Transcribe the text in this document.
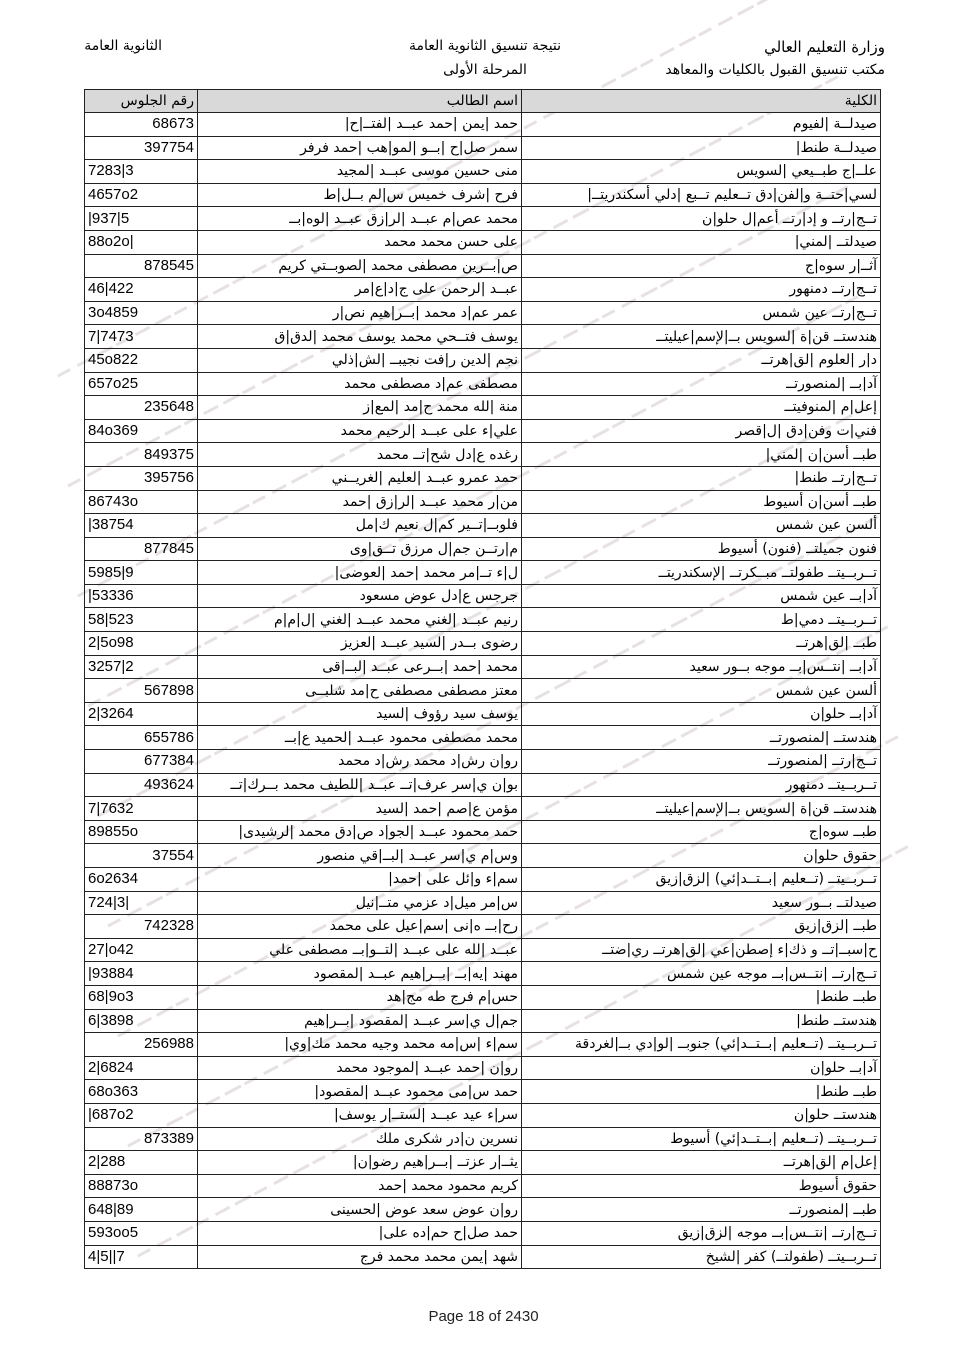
وزارة التعليم العالي
مكتب تنسيق القبول بالكليات والمعاهد
نتيجة تنسيق الثانوية العامة
المرحلة الأولى
الثانوية العامة
الكلية	اسم الطالب	رقم الجلوس
صيدلــة |لفيوم	حمد |يمن |حمد عبــد |لفتــ|ح|	68673
صيدلــة طنط|	سمر صل|ح |بــو |لمو|هب |حمد فرفر	397754
علــ|ج طبــيعي |لسويس	منى حسين موسى عبــد |لمجيد	7283|3
لسي|حتــة و|لفن|دق تــعليم تــبع |دلي أسكندريتــ|	فرح |شرف خميس س|لم بــل|ط	4657o2
تــج|رتــ و إد|رتــ أعم|ل حلو|ن	محمد عص|م عبــد |لر|زق عبــد |لوه|بــ	|937|5
صيدلتــ |لمني|	على حسن محمد محمد	88o2o|
آثــ|ر سوه|ج	ص|بــرين مصطفى محمد |لصوبــتي كريم	878545
تــج|رتــ دمنهور	عبــد |لرحمن على ج|د|ع|مر	46|422
تــج|رتــ عين شمس	عمر عم|د محمد |بــر|هيم نص|ر	3o4859
هندستــ قن|ة |لسويس بــ|لإسم|عيليتــ	يوسف فتــحي محمد يوسف محمد |لدق|ق	7|7473
د|ر |لعلوم |لق|هرتــ	نجم |لدين ر|فت نجيبــ |لش|ذلي	45o822
آد|بــ |لمنصورتــ	مصطفى عم|د مصطفى محمد	657o25
إعل|م |لمنوفيتــ	منة |لله محمد ح|مد |لمع|ز	235648
فني|ت وفن|دق |ل|قصر	علي|ء على عبــد |لرحيم محمد	84o369
طبــ أسن|ن |لمني|	رغده ع|دل شح|تــ محمد	849375
تــج|رتــ طنط|	حمد عمرو عبــد |لعليم |لغريــني	395756
طبــ أسن|ن أسيوط	من|ر محمد عبــد |لر|زق |حمد	86743o
ألسن عين شمس	فلوبــ|تــير كم|ل نعيم ك|مل	|38754
فنون جميلتــ (فنون) أسيوط	م|رتــن جم|ل مرزق تــق|وى	877845
تــربــيتــ طفولتــ مبــكرتــ |لإسكندريتــ	ل|ء تــ|مر محمد |حمد |لعوضى|	5985|9
آد|بــ عين شمس	جرجس ع|دل عوض مسعود	|53336
تــربــيتــ دمي|ط	رنيم عبــد |لغني محمد عبــد |لغني |ل|م|م	58|523
طبــ |لق|هرتــ	رضوى بــدر |لسيد عبــد |لعزيز	2|5o98
آد|بــ |نتــس|بــ موجه بــور سعيد	محمد |حمد |بــرعى عبــد |لبــ|قى	3257|2
ألسن عين شمس	معتز مصطفى مصطفى ح|مد شلبــى	567898
آد|بــ حلو|ن	يوسف سيد رؤوف |لسيد	2|3264
هندستــ |لمنصورتــ	محمد مصطفى محمود عبــد |لحميد ع|بــ	655786
تــج|رتــ |لمنصورتــ	رو|ن رش|د محمد رش|د محمد	677384
تــربــيتــ دمنهور	بو|ن ي|سر عرف|تــ عبــد |للطيف محمد بــرك|تــ	493624
هندستــ قن|ة |لسويس بــ|لإسم|عيليتــ	مؤمن ع|صم |حمد |لسيد	7|7632
طبــ سوه|ج	حمد محمود عبــد |لجو|د ص|دق محمد |لرشيدى|	89855o
حقوق حلو|ن	وس|م ي|سر عبــد |لبــ|قي منصور	37554
تــربــيتــ (تــعليم |بــتــد|ئي) |لزق|زيق	سم|ء و|ئل على |حمد|	6o2634
صيدلتــ بــور سعيد	س|مر ميل|د عزمي متــ|نيل	724|3|
طبــ |لزق|زيق	رح|بــ ه|نى |سم|عيل على محمد	742328
ح|سبــ|تــ و ذك|ء إصطن|عي |لق|هرتــ ري|ضتــ	عبــد |لله على عبــد |لتــو|بــ مصطفى علي	27|o42
تــج|رتــ |نتــس|بــ موجه عين شمس	مهند |يه|بــ |بــر|هيم عبــد |لمقصود	|93884
طبــ طنط|	حس|م فرج طه مج|هد	68|9o3
هندستــ طنط|	جم|ل ي|سر عبــد |لمقصود |بــر|هيم	6|3898
تــربــيتــ (تــعليم |بــتــد|ئي) جنوبــ |لو|دي بــ|لغردقة	سم|ء |س|مه محمد وجيه محمد مك|وي|	256988
آد|بــ حلو|ن	رو|ن |حمد عبــد |لموجود محمد	2|6824
طبــ طنط|	حمد س|مى محمود عبــد |لمقصود|	68o363
هندستــ حلو|ن	سر|ء عيد عبــد |لستــ|ر يوسف|	|687o2
تــربــيتــ (تــعليم |بــتــد|ئي) أسيوط	نسرين ن|در شكرى ملك	873389
إعل|م |لق|هرتــ	يثــ|ر عزتــ |بــر|هيم رضو|ن|	2|288
حقوق أسيوط	كريم محمود محمد |حمد	88873o
طبــ |لمنصورتــ	رو|ن عوض سعد عوض |لحسينى	648|89
تــج|رتــ |نتــس|بــ موجه |لزق|زيق	حمد صل|ح حم|ده على|	593oo5
تــربــيتــ (طفولتــ) كفر |لشيخ	شهد |يمن محمد محمد فرج	4|5||7
Page 18 of 2430
